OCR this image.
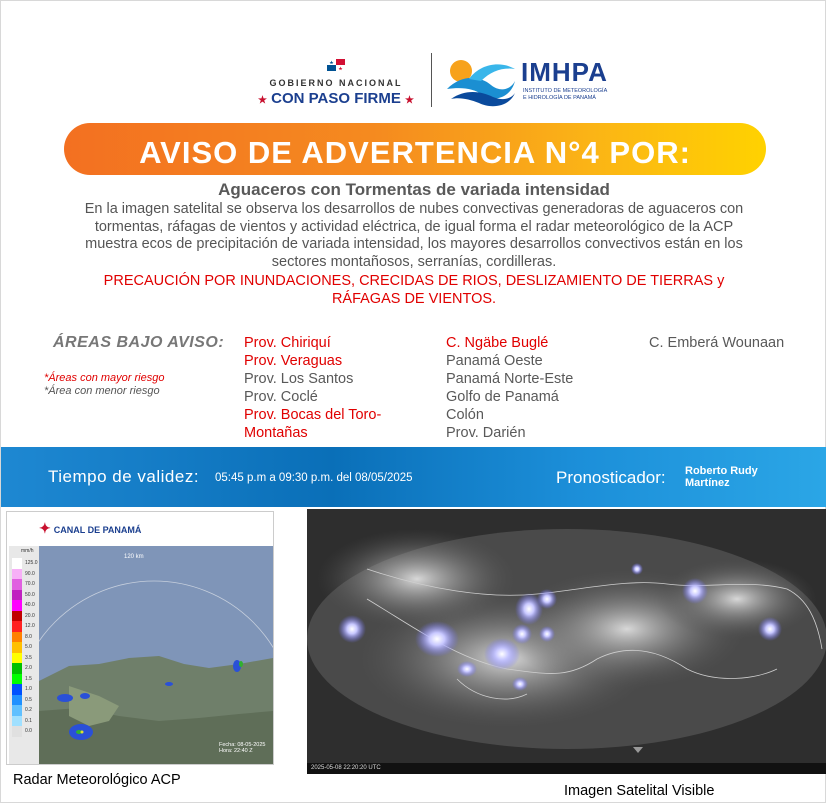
GOBIERNO NACIONAL
★ CON PASO FIRME ★
IMHPA
INSTITUTO DE METEOROLOGÍA
E HIDROLOGÍA DE PANAMÁ
AVISO DE ADVERTENCIA N°4 POR:
Aguaceros con Tormentas de variada intensidad
En la imagen satelital se observa los desarrollos de nubes convectivas generadoras de aguaceros con tormentas, ráfagas de vientos y actividad eléctrica, de igual forma el radar meteorológico de la ACP muestra ecos de precipitación de variada intensidad, los mayores desarrollos convectivos están en los sectores montañosos, serranías, cordilleras.
PRECAUCIÓN POR INUNDACIONES, CRECIDAS DE RIOS, DESLIZAMIENTO DE TIERRAS y RÁFAGAS DE VIENTOS.
ÁREAS BAJO AVISO:
*Áreas con mayor riesgo
*Área con menor riesgo
Prov. Chiriquí
Prov. Veraguas
Prov. Los Santos
Prov. Coclé
Prov. Bocas del Toro-
Montañas
C. Ngäbe Buglé
Panamá Oeste
Panamá Norte-Este
Golfo de Panamá
Colón
Prov. Darién
C. Emberá Wounaan
Tiempo de validez: 05:45 p.m a 09:30 p.m. del 08/05/2025	Pronosticador: Roberto Rudy Martínez
✦ CANAL DE PANAMÁ
120 km
mm/h
125.0
90.0
70.0
50.0
40.0
20.0
12.0
8.0
5.0
3.5
2.0
1.5
1.0
0.5
0.2
0.1
0.0
Fecha: 08-05-2025
Hora: 22:40 Z
Radar Meteorológico ACP
2025-05-08 22:20:20 UTC
Imagen Satelital Visible
